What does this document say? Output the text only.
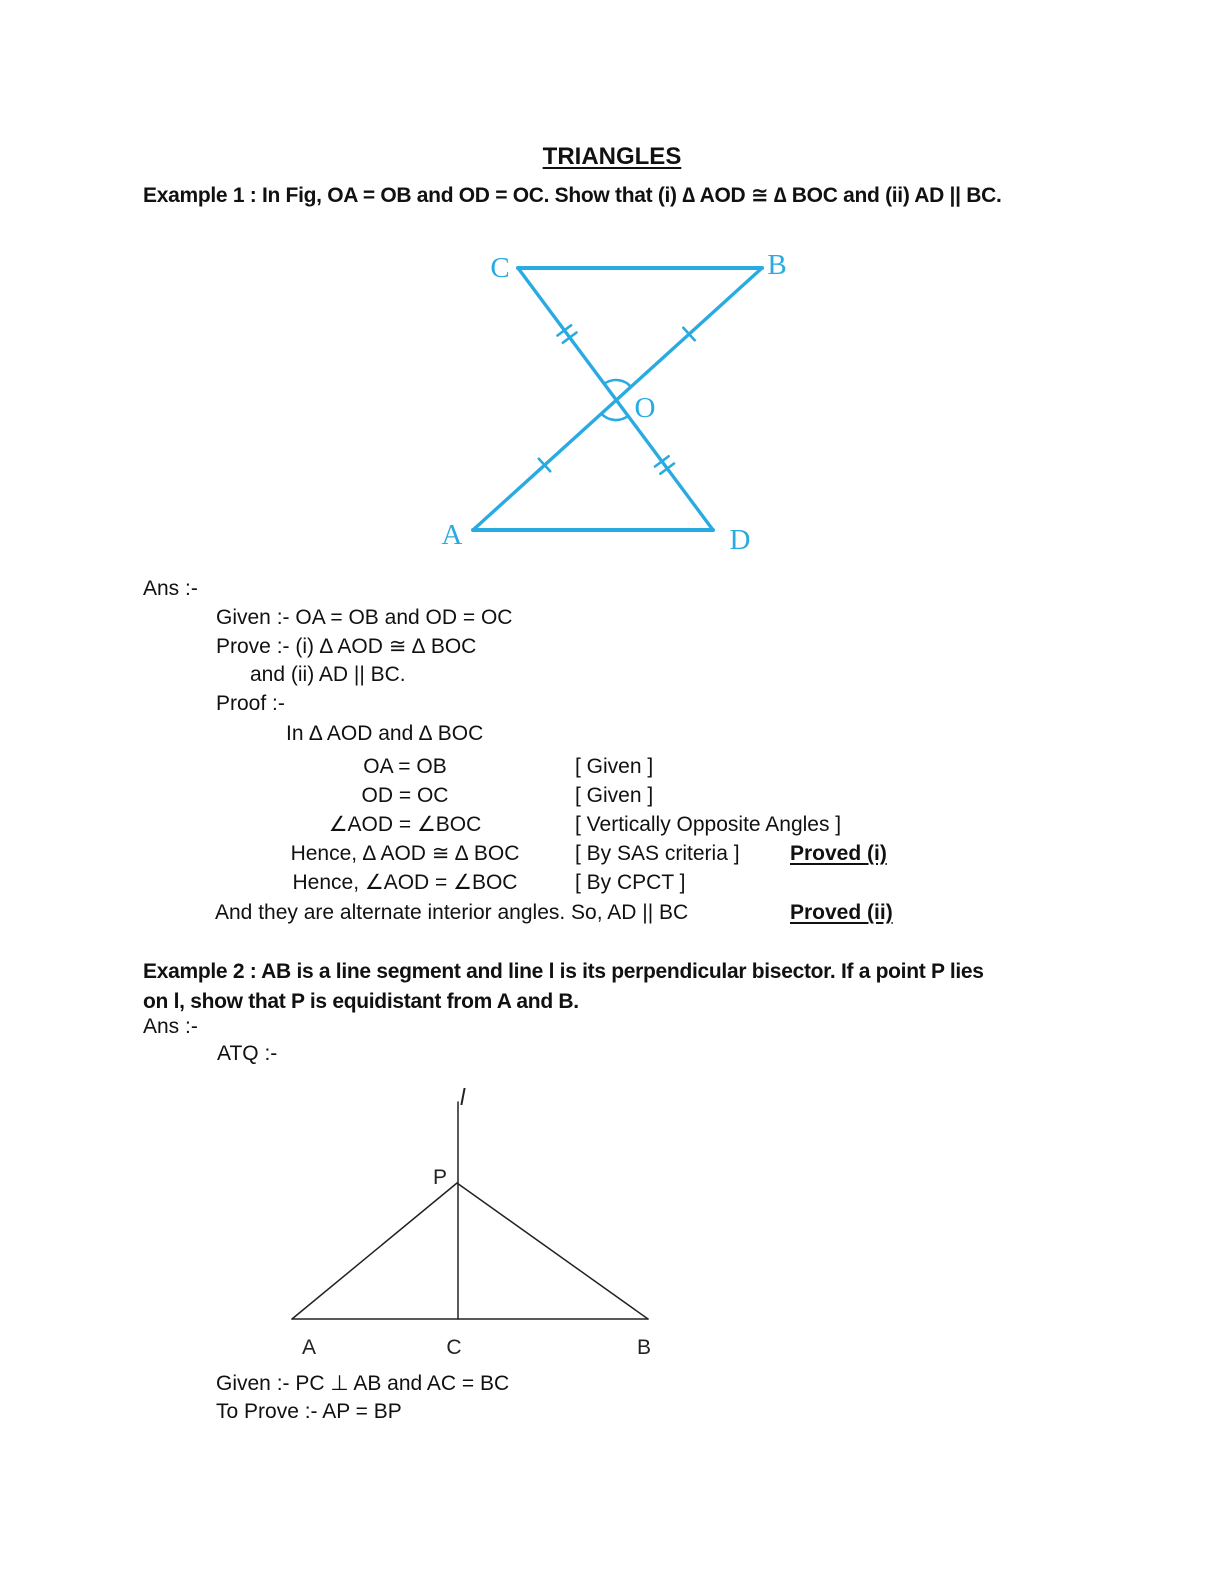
TRIANGLES
Example 1 : In Fig, OA = OB and OD = OC. Show that (i) ∆ AOD ≅ ∆ BOC and (ii) AD || BC.
C	B
O
A	D
Ans :-
Given :- OA = OB and OD = OC
Prove :- (i) ∆ AOD ≅ ∆ BOC
and (ii) AD || BC.
Proof :-
In ∆ AOD and ∆ BOC
OA = OB	[ Given ]
OD = OC	[ Given ]
∠AOD = ∠BOC	[ Vertically Opposite Angles ]
Hence, ∆ AOD ≅ ∆ BOC	[ By SAS criteria ] Proved (i)
Hence, ∠AOD = ∠BOC	[ By CPCT ]
And they are alternate interior angles. So, AD || BC	Proved (ii)
Example 2 : AB is a line segment and line l is its perpendicular bisector. If a point P lies
on l, show that P is equidistant from A and B.
Ans :-
ATQ :-
l
P
A	C	B
Given :- PC ⊥ AB and AC = BC
To Prove :- AP = BP
